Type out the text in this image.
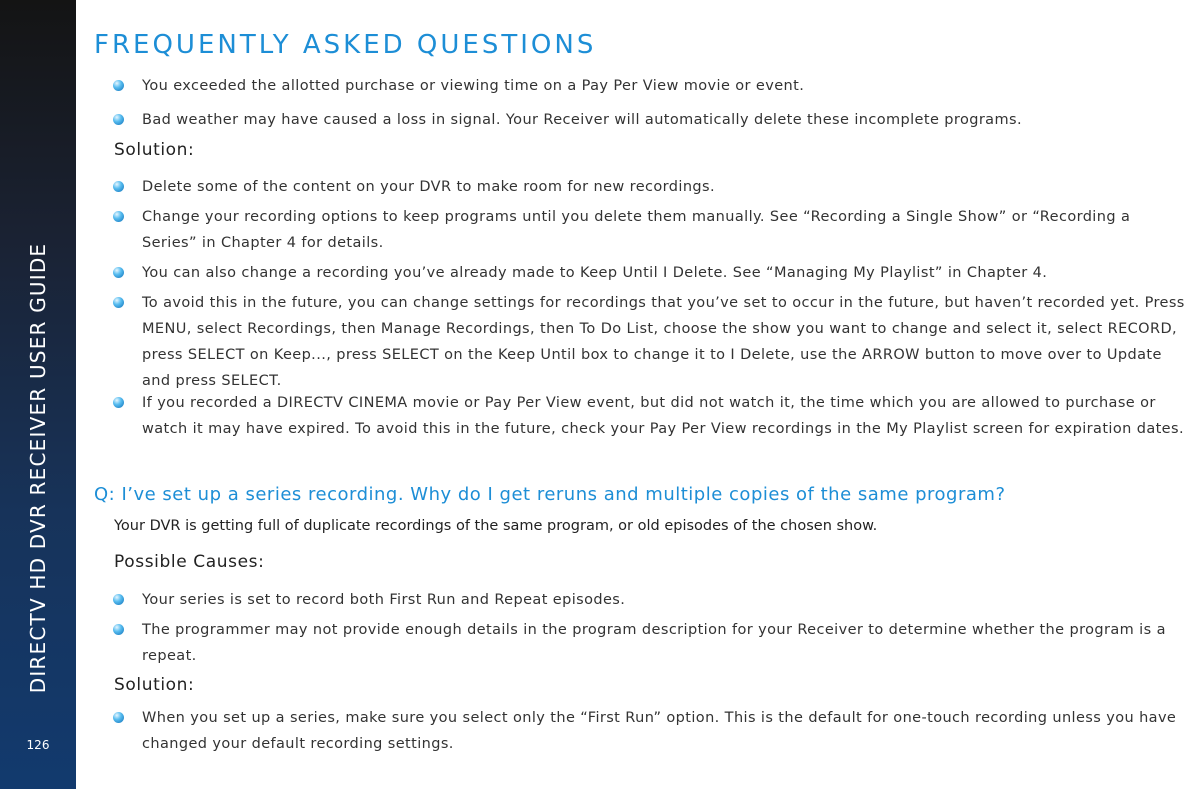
DIRECTV HD DVR RECEIVER USER GUIDE
126
FREQUENTLY ASKED QUESTIONS
You exceeded the allotted purchase or viewing time on a Pay Per View movie or event.
Bad weather may have caused a loss in signal. Your Receiver will automatically delete these incomplete programs.
Solution:
Delete some of the content on your DVR to make room for new recordings.
Change your recording options to keep programs until you delete them manually. See “Recording a Single Show” or “Recording a Series” in Chapter 4 for details.
You can also change a recording you’ve already made to Keep Until I Delete. See “Managing My Playlist” in Chapter 4.
To avoid this in the future, you can change settings for recordings that you’ve set to occur in the future, but haven’t recorded yet. Press MENU, select Recordings, then Manage Recordings, then To Do List, choose the show you want to change and select it, select RECORD, press SELECT on Keep..., press SELECT on the Keep Until box to change it to I Delete, use the ARROW button to move over to Update and press SELECT.
If you recorded a DIRECTV CINEMA movie or Pay Per View event, but did not watch it, the time which you are allowed to purchase or watch it may have expired. To avoid this in the future, check your Pay Per View recordings in the My Playlist screen for expiration dates.
Q: I’ve set up a series recording. Why do I get reruns and multiple copies of the same program?
Your DVR is getting full of duplicate recordings of the same program, or old episodes of the chosen show.
Possible Causes:
Your series is set to record both First Run and Repeat episodes.
The programmer may not provide enough details in the program description for your Receiver to determine whether the program is a repeat.
Solution:
When you set up a series, make sure you select only the “First Run” option. This is the default for one-touch recording unless you have changed your default recording settings.
